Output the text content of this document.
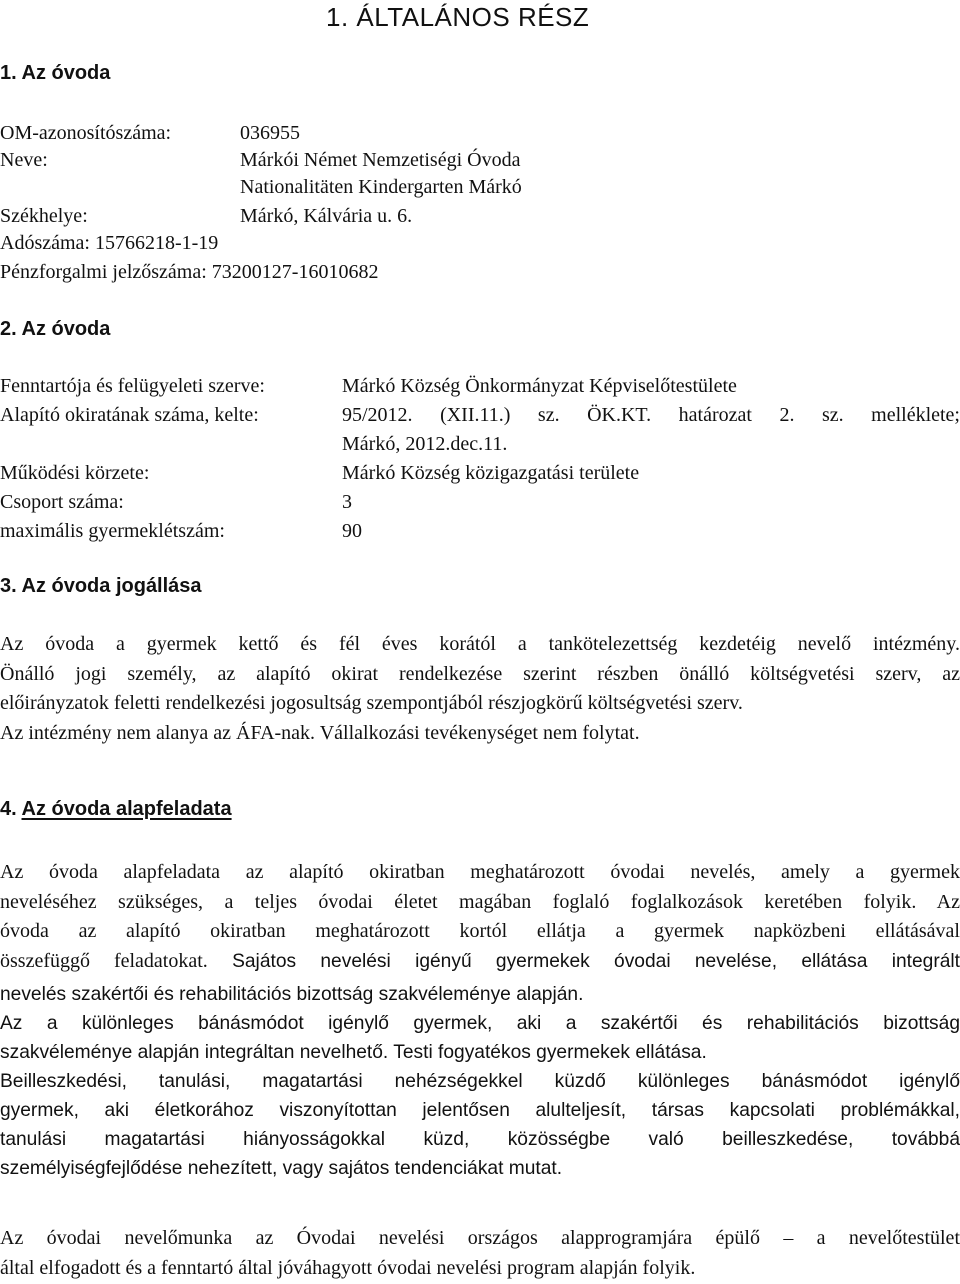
1. ÁLTALÁNOS RÉSZ
1. Az óvoda
OM-azonosítószáma:	036955
Neve:	Márkói Német Nemzetiségi Óvoda
Nationalitäten Kindergarten Márkó
Székhelye:	Márkó, Kálvária u. 6.
Adószáma: 15766218-1-19
Pénzforgalmi jelzőszáma: 73200127-16010682
2. Az óvoda
Fenntartója és felügyeleti szerve:	Márkó Község Önkormányzat Képviselőtestülete
Alapító okiratának száma, kelte:	95/2012. (XII.11.) sz. ÖK.KT. határozat 2. sz. melléklete;
Márkó, 2012.dec.11.
Működési körzete:	Márkó Község közigazgatási területe
Csoport száma:	3
maximális gyermeklétszám:	90
3. Az óvoda jogállása
Az óvoda a gyermek kettő és fél éves korától a tankötelezettség kezdetéig nevelő intézmény.
Önálló jogi személy, az alapító okirat rendelkezése szerint részben önálló költségvetési szerv, az
előirányzatok feletti rendelkezési jogosultság szempontjából részjogkörű költségvetési szerv.
Az intézmény nem alanya az ÁFA-nak. Vállalkozási tevékenységet nem folytat.
4. Az óvoda alapfeladata
Az óvoda alapfeladata az alapító okiratban meghatározott óvodai nevelés, amely a gyermek
neveléséhez szükséges, a teljes óvodai életet magában foglaló foglalkozások keretében folyik. Az
óvoda az alapító okiratban meghatározott kortól ellátja a gyermek napközbeni ellátásával
összefüggő feladatokat. Sajátos nevelési igényű gyermekek óvodai nevelése, ellátása integrált
nevelés szakértői és rehabilitációs bizottság szakvéleménye alapján.
Az a különleges bánásmódot igénylő gyermek, aki a szakértői és rehabilitációs bizottság
szakvéleménye alapján integráltan nevelhető. Testi fogyatékos gyermekek ellátása.
Beilleszkedési, tanulási, magatartási nehézségekkel küzdő különleges bánásmódot igénylő
gyermek, aki életkorához viszonyítottan jelentősen alulteljesít, társas kapcsolati problémákkal,
tanulási magatartási hiányosságokkal küzd, közösségbe való beilleszkedése, továbbá
személyiségfejlődése nehezített, vagy sajátos tendenciákat mutat.
Az óvodai nevelőmunka az Óvodai nevelési országos alapprogramjára épülő – a nevelőtestület
által elfogadott és a fenntartó által jóváhagyott óvodai nevelési program alapján folyik.
